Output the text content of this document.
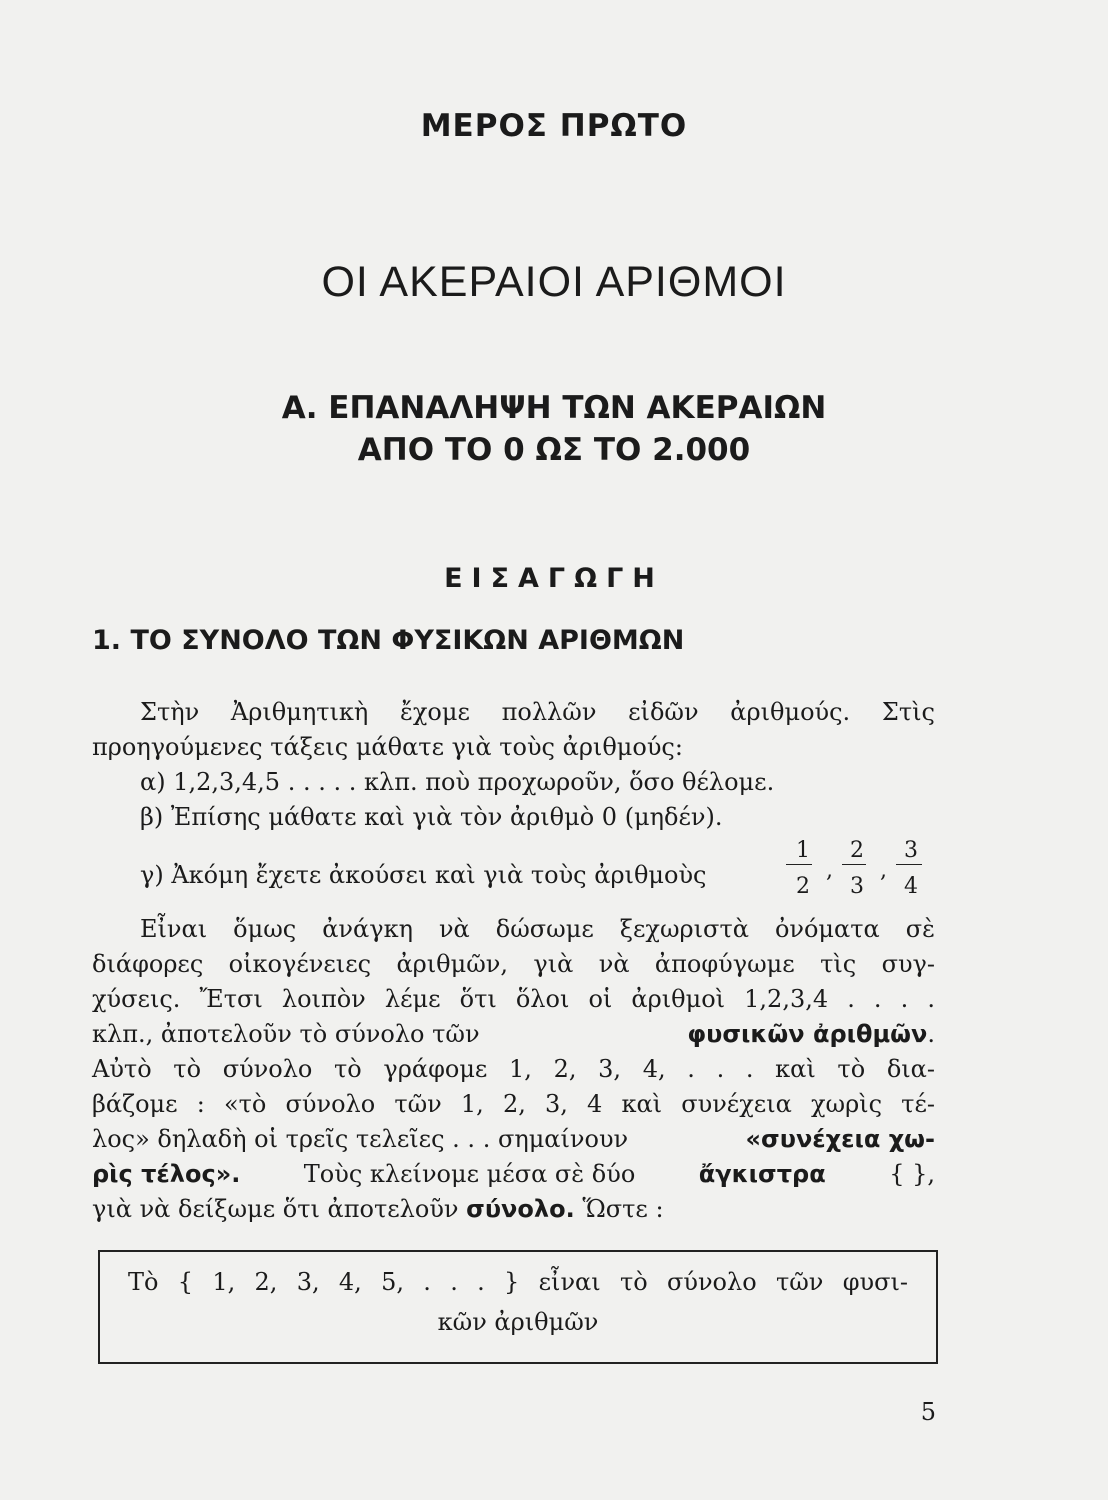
ΜΕΡΟΣ ΠΡΩΤΟ
ΟΙ ΑΚΕΡΑΙΟΙ ΑΡΙΘΜΟΙ
Α. ΕΠΑΝΑΛΗΨΗ ΤΩΝ ΑΚΕΡΑΙΩΝ
ΑΠΟ ΤΟ 0 ΩΣ ΤΟ 2.000
ΕΙΣΑΓΩΓΗ
1. ΤΟ ΣΥΝΟΛΟ ΤΩΝ ΦΥΣΙΚΩΝ ΑΡΙΘΜΩΝ
Στὴν Ἀριθμητικὴ ἔχομε πολλῶν εἰδῶν ἀριθμούς. Στὶς
προηγούμενες τάξεις μάθατε γιὰ τοὺς ἀριθμούς:
α) 1,2,3,4,5 . . . . . κλπ. ποὺ προχωροῦν, ὅσο θέλομε.
β) Ἐπίσης μάθατε καὶ γιὰ τὸν ἀριθμὸ 0 (μηδέν).
γ) Ἀκόμη ἔχετε ἀκούσει καὶ γιὰ τοὺς ἀριθμοὺς
1
2
,
2
3
,
3
4
Εἶναι ὅμως ἀνάγκη νὰ δώσωμε ξεχωριστὰ ὀνόματα σὲ
διάφορες οἰκογένειες ἀριθμῶν, γιὰ νὰ ἀποφύγωμε τὶς συγ-
χύσεις. Ἔτσι λοιπὸν λέμε ὅτι ὅλοι οἱ ἀριθμοὶ 1,2,3,4 . . . .
κλπ., ἀποτελοῦν τὸ σύνολο τῶν	φυσικῶν ἀριθμῶν.
Αὐτὸ τὸ σύνολο τὸ γράφομε 1, 2, 3, 4, . . . καὶ τὸ δια-
βάζομε : «τὸ σύνολο τῶν 1, 2, 3, 4 καὶ συνέχεια χωρὶς τέ-
λος» δηλαδὴ οἱ τρεῖς τελεῖες . . . σημαίνουν	«συνέχεια χω-
ρὶς τέλος».	Τοὺς κλείνομε μέσα σὲ δύο	ἄγκιστρα	{ },
γιὰ νὰ δείξωμε ὅτι ἀποτελοῦν σύνολο. Ὥστε :
Τὸ { 1, 2, 3, 4, 5, . . . } εἶναι τὸ σύνολο τῶν φυσι-
κῶν ἀριθμῶν
5
